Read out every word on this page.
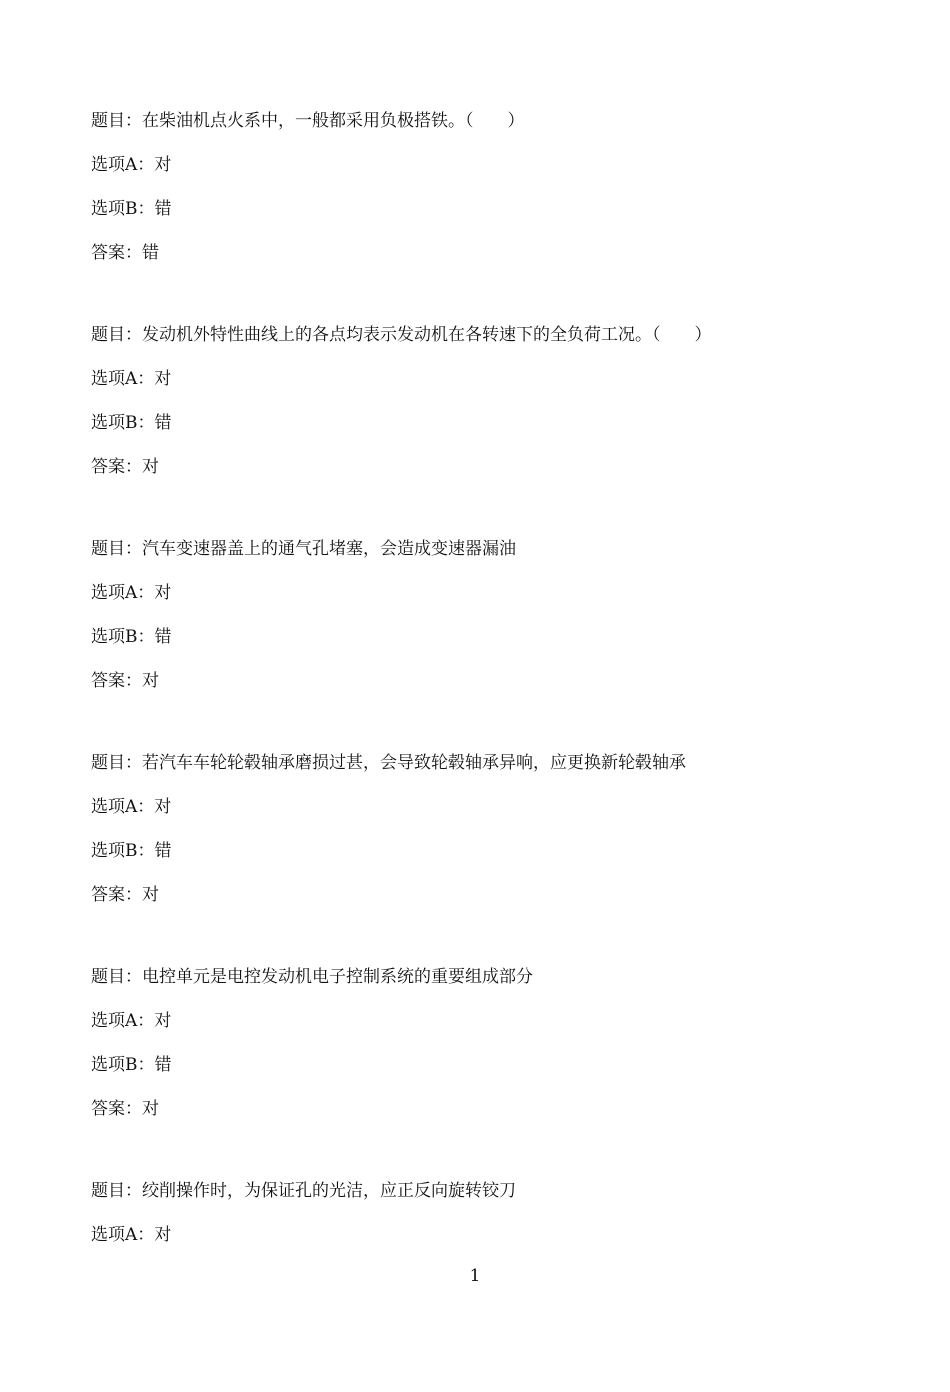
题目：在柴油机点火系中，一般都采用负极搭铁。（　　）
选项A：对
选项B：错
答案：错
题目：发动机外特性曲线上的各点均表示发动机在各转速下的全负荷工况。（　　）
选项A：对
选项B：错
答案：对
题目：汽车变速器盖上的通气孔堵塞，会造成变速器漏油
选项A：对
选项B：错
答案：对
题目：若汽车车轮轮毂轴承磨损过甚，会导致轮毂轴承异响，应更换新轮毂轴承
选项A：对
选项B：错
答案：对
题目：电控单元是电控发动机电子控制系统的重要组成部分
选项A：对
选项B：错
答案：对
题目：绞削操作时，为保证孔的光洁，应正反向旋转铰刀
选项A：对
1
